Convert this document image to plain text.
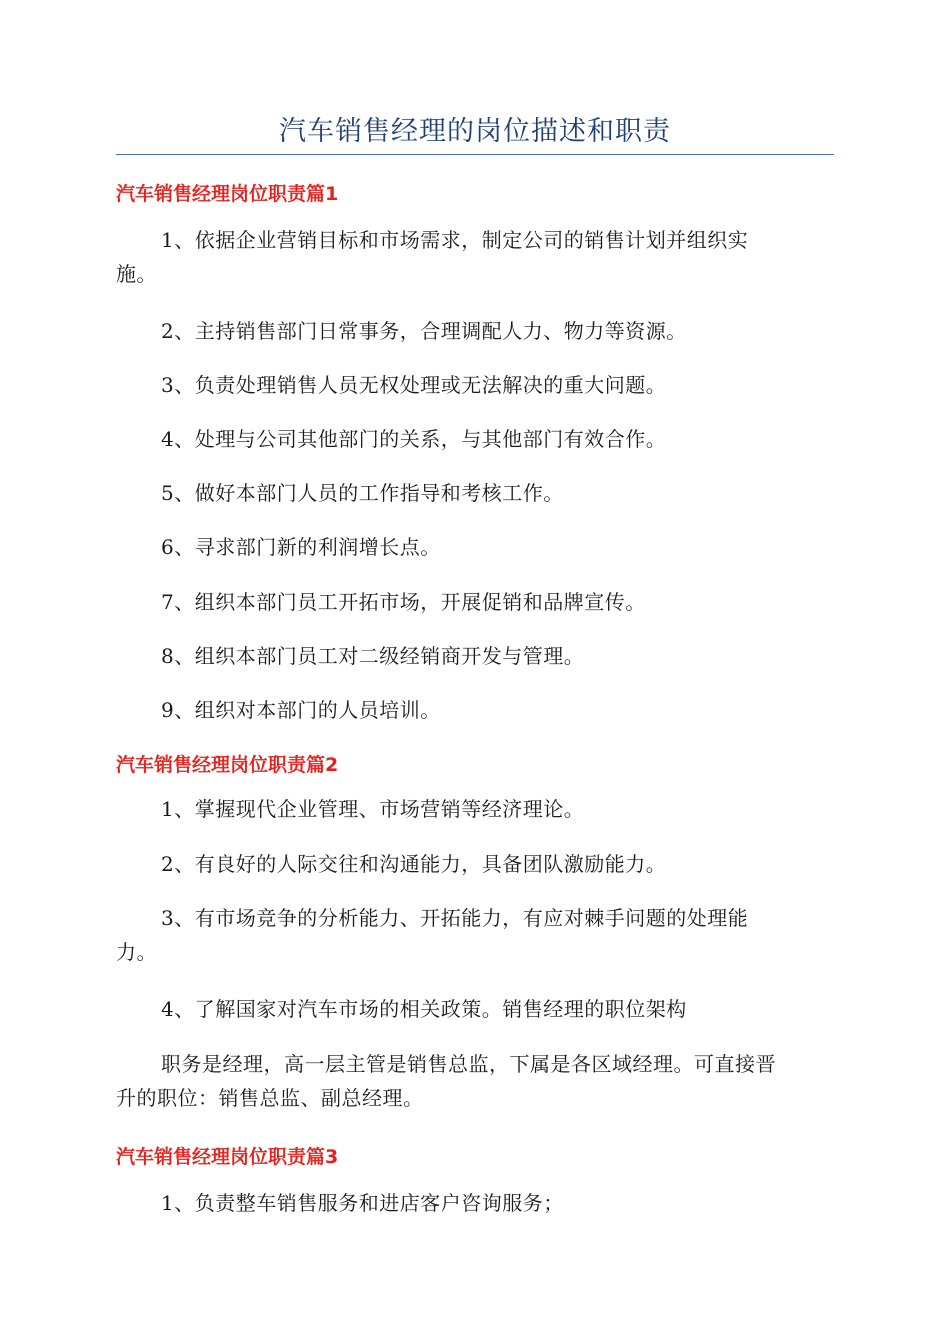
汽车销售经理的岗位描述和职责
汽车销售经理岗位职责篇1
1、依据企业营销目标和市场需求，制定公司的销售计划并组织实
施。
2、主持销售部门日常事务，合理调配人力、物力等资源。
3、负责处理销售人员无权处理或无法解决的重大问题。
4、处理与公司其他部门的关系，与其他部门有效合作。
5、做好本部门人员的工作指导和考核工作。
6、寻求部门新的利润增长点。
7、组织本部门员工开拓市场，开展促销和品牌宣传。
8、组织本部门员工对二级经销商开发与管理。
9、组织对本部门的人员培训。
汽车销售经理岗位职责篇2
1、掌握现代企业管理、市场营销等经济理论。
2、有良好的人际交往和沟通能力，具备团队激励能力。
3、有市场竞争的分析能力、开拓能力，有应对棘手问题的处理能
力。
4、了解国家对汽车市场的相关政策。销售经理的职位架构
职务是经理，高一层主管是销售总监，下属是各区域经理。可直接晋
升的职位：销售总监、副总经理。
汽车销售经理岗位职责篇3
1、负责整车销售服务和进店客户咨询服务；
